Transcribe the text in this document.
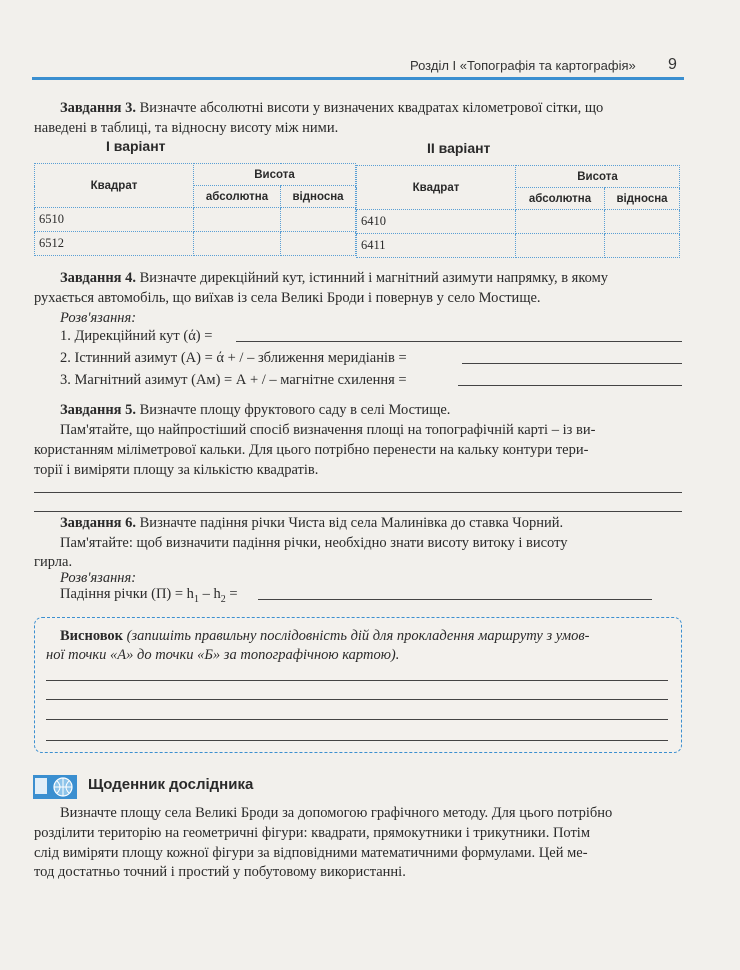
Розділ І «Топографія та картографія» 9
Завдання 3. Визначте абсолютні висоти у визначених квадратах кілометрової сітки, що
наведені в таблиці, та відносну висоту між ними.
І варіант	ІІ варіант
Квадрат	Висота	
	абсолютна	відносна
6510		
6512		
Квадрат	Висота	
	абсолютна	відносна
6410		
6411		
Завдання 4. Визначте дирекційний кут, істинний і магнітний азимути напрямку, в якому
рухається автомобіль, що виїхав із села Великі Броди і повернув у село Мостище.
Розв'язання:
1. Дирекційний кут (ά) =
2. Істинний азимут (А) = ά + / – зближення меридіанів =
3. Магнітний азимут (Ам) = А + / – магнітне схилення =
Завдання 5. Визначте площу фруктового саду в селі Мостище.
Пам'ятайте, що найпростіший спосіб визначення площі на топографічній карті – із ви-
користанням міліметрової кальки. Для цього потрібно перенести на кальку контури тери-
торії і виміряти площу за кількістю квадратів.
Завдання 6. Визначте падіння річки Чиста від села Малинівка до ставка Чорний.
Пам'ятайте: щоб визначити падіння річки, необхідно знати висоту витоку і висоту
гирла.
Розв'язання:
Падіння річки $(П) = h_1 - h_2$ =
Висновок (запишіть правильну послідовність дій для прокладення маршруту з умов-
ної точки «А» до точки «Б» за топографічною картою).
Щоденник дослідника
Визначте площу села Великі Броди за допомогою графічного методу. Для цього потрібно
розділити територію на геометричні фігури: квадрати, прямокутники і трикутники. Потім
слід виміряти площу кожної фігури за відповідними математичними формулами. Цей ме-
тод достатньо точний і простий у побутовому використанні.
